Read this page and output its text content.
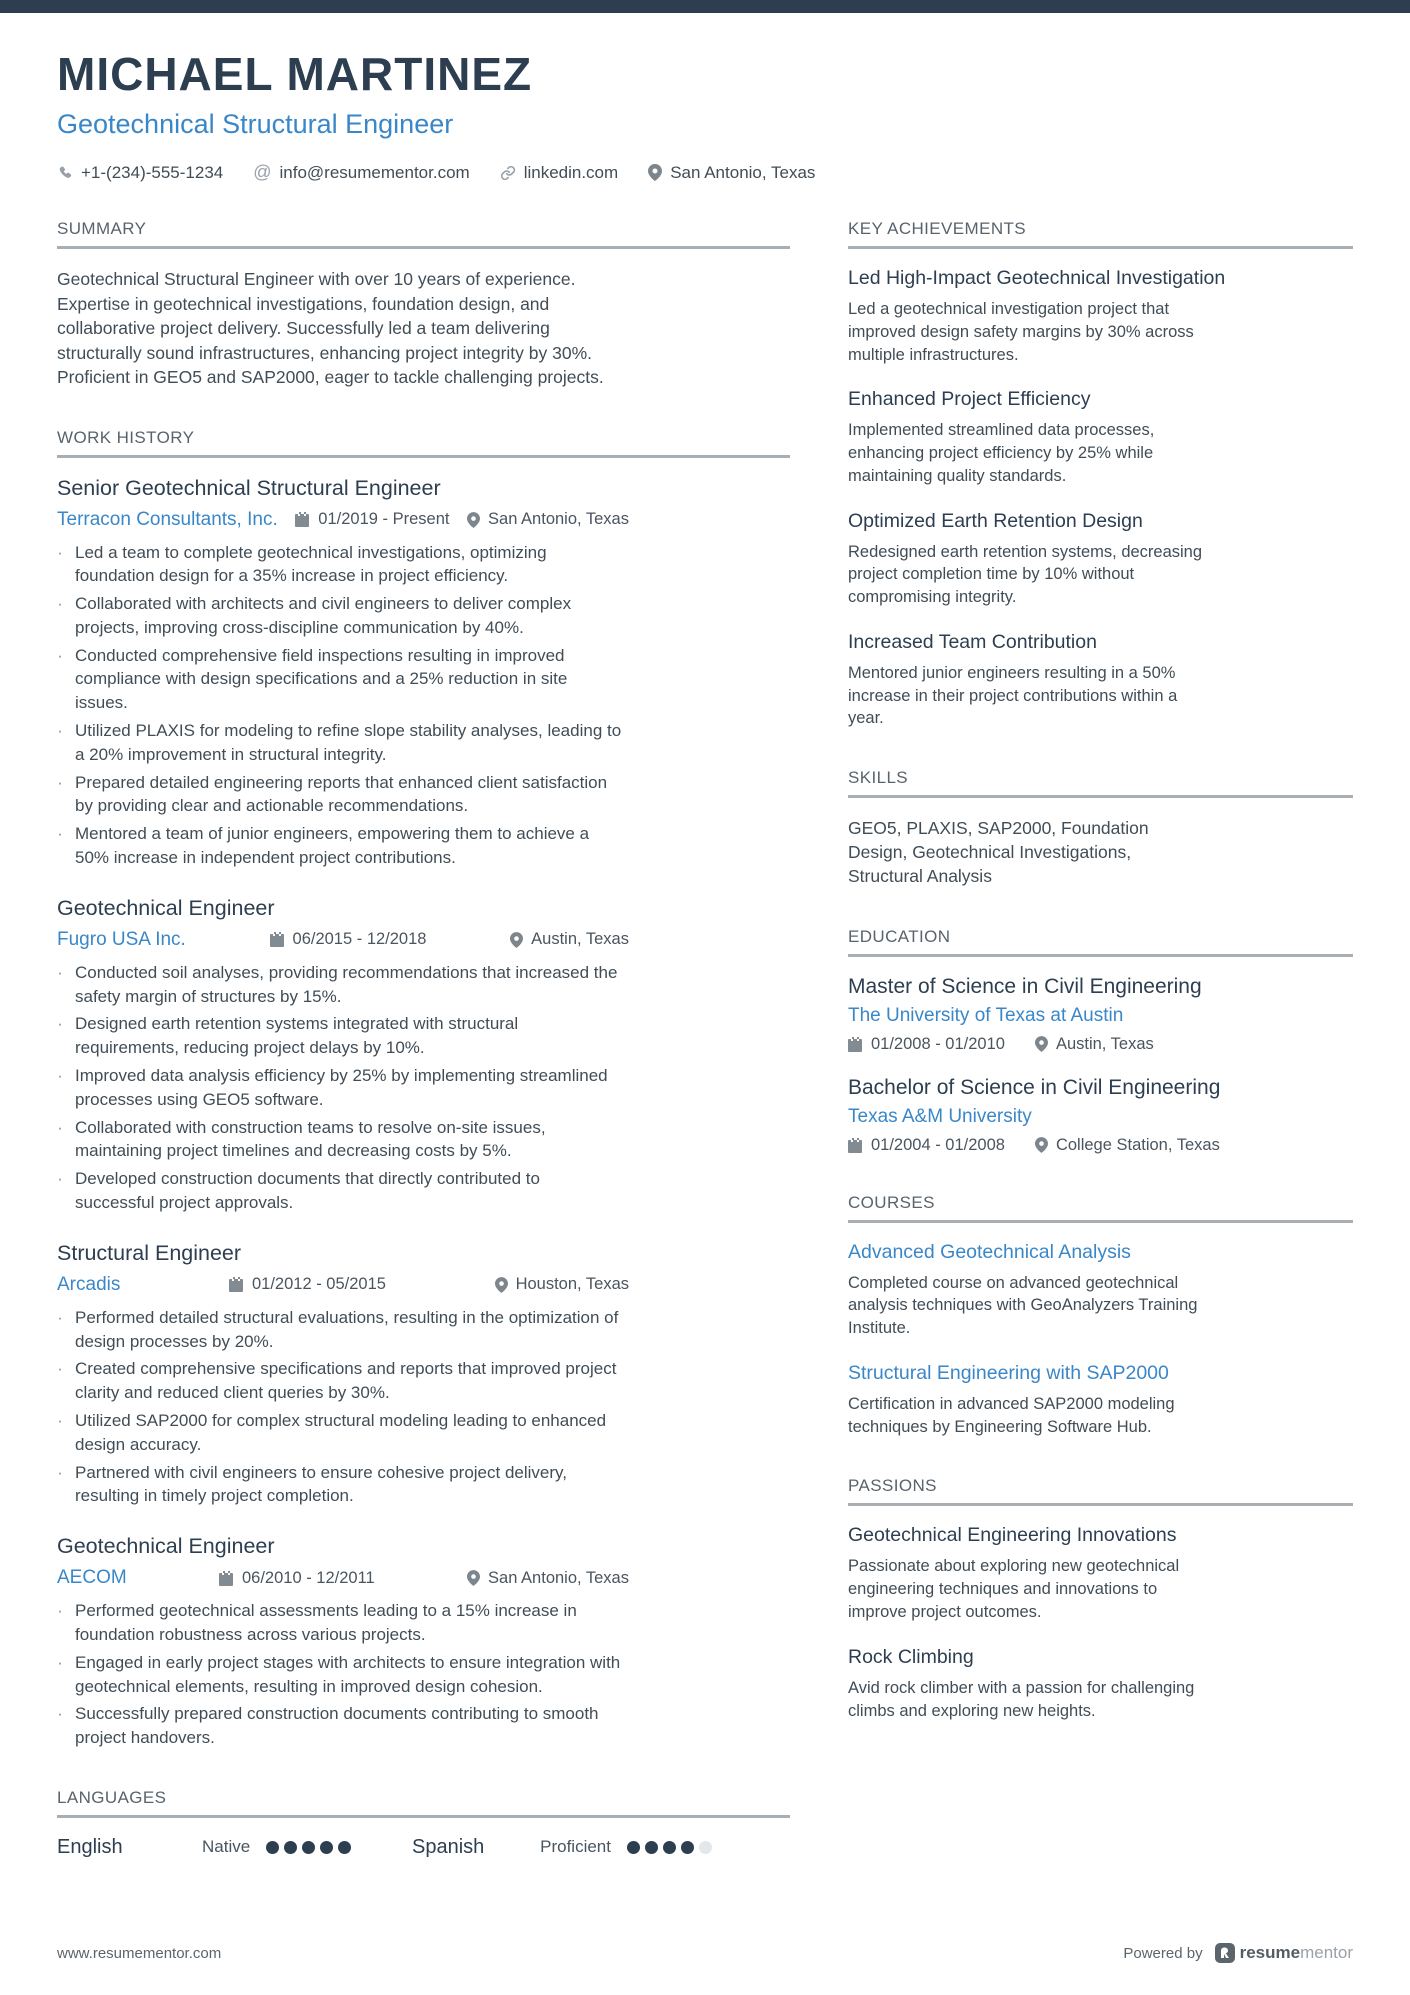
MICHAEL MARTINEZ
Geotechnical Structural Engineer
+1-(234)-555-1234 @ info@resumementor.com	linkedin.com	San Antonio, Texas
SUMMARY
Geotechnical Structural Engineer with over 10 years of experience. Expertise in geotechnical investigations, foundation design, and collaborative project delivery. Successfully led a team delivering structurally sound infrastructures, enhancing project integrity by 30%. Proficient in GEO5 and SAP2000, eager to tackle challenging projects.
WORK HISTORY
Senior Geotechnical Structural Engineer
Terracon Consultants, Inc. 01/2019 - Present San Antonio, Texas
· Led a team to complete geotechnical investigations, optimizing foundation design for a 35% increase in project efficiency.
· Collaborated with architects and civil engineers to deliver complex projects, improving cross-discipline communication by 40%.
· Conducted comprehensive field inspections resulting in improved compliance with design specifications and a 25% reduction in site issues.
· Utilized PLAXIS for modeling to refine slope stability analyses, leading to a 20% improvement in structural integrity.
· Prepared detailed engineering reports that enhanced client satisfaction by providing clear and actionable recommendations.
· Mentored a team of junior engineers, empowering them to achieve a 50% increase in independent project contributions.
Geotechnical Engineer
Fugro USA Inc.	06/2015 - 12/2018	Austin, Texas
· Conducted soil analyses, providing recommendations that increased the safety margin of structures by 15%.
· Designed earth retention systems integrated with structural requirements, reducing project delays by 10%.
· Improved data analysis efficiency by 25% by implementing streamlined processes using GEO5 software.
· Collaborated with construction teams to resolve on-site issues, maintaining project timelines and decreasing costs by 5%.
· Developed construction documents that directly contributed to successful project approvals.
Structural Engineer
Arcadis	01/2012 - 05/2015	Houston, Texas
· Performed detailed structural evaluations, resulting in the optimization of design processes by 20%.
· Created comprehensive specifications and reports that improved project clarity and reduced client queries by 30%.
· Utilized SAP2000 for complex structural modeling leading to enhanced design accuracy.
· Partnered with civil engineers to ensure cohesive project delivery, resulting in timely project completion.
Geotechnical Engineer
AECOM	06/2010 - 12/2011	San Antonio, Texas
· Performed geotechnical assessments leading to a 15% increase in foundation robustness across various projects.
· Engaged in early project stages with architects to ensure integration with geotechnical elements, resulting in improved design cohesion.
· Successfully prepared construction documents contributing to smooth project handovers.
LANGUAGES
English	Native	Spanish	Proficient
KEY ACHIEVEMENTS
Led High-Impact Geotechnical Investigation
Led a geotechnical investigation project that improved design safety margins by 30% across multiple infrastructures.
Enhanced Project Efficiency
Implemented streamlined data processes, enhancing project efficiency by 25% while maintaining quality standards.
Optimized Earth Retention Design
Redesigned earth retention systems, decreasing project completion time by 10% without compromising integrity.
Increased Team Contribution
Mentored junior engineers resulting in a 50% increase in their project contributions within a year.
SKILLS
GEO5, PLAXIS, SAP2000, Foundation Design, Geotechnical Investigations, Structural Analysis
EDUCATION
Master of Science in Civil Engineering
The University of Texas at Austin
01/2008 - 01/2010	Austin, Texas
Bachelor of Science in Civil Engineering
Texas A&M University
01/2004 - 01/2008	College Station, Texas
COURSES
Advanced Geotechnical Analysis
Completed course on advanced geotechnical analysis techniques with GeoAnalyzers Training Institute.
Structural Engineering with SAP2000
Certification in advanced SAP2000 modeling techniques by Engineering Software Hub.
PASSIONS
Geotechnical Engineering Innovations
Passionate about exploring new geotechnical engineering techniques and innovations to improve project outcomes.
Rock Climbing
Avid rock climber with a passion for challenging climbs and exploring new heights.
www.resumementor.com	Powered by resumementor
